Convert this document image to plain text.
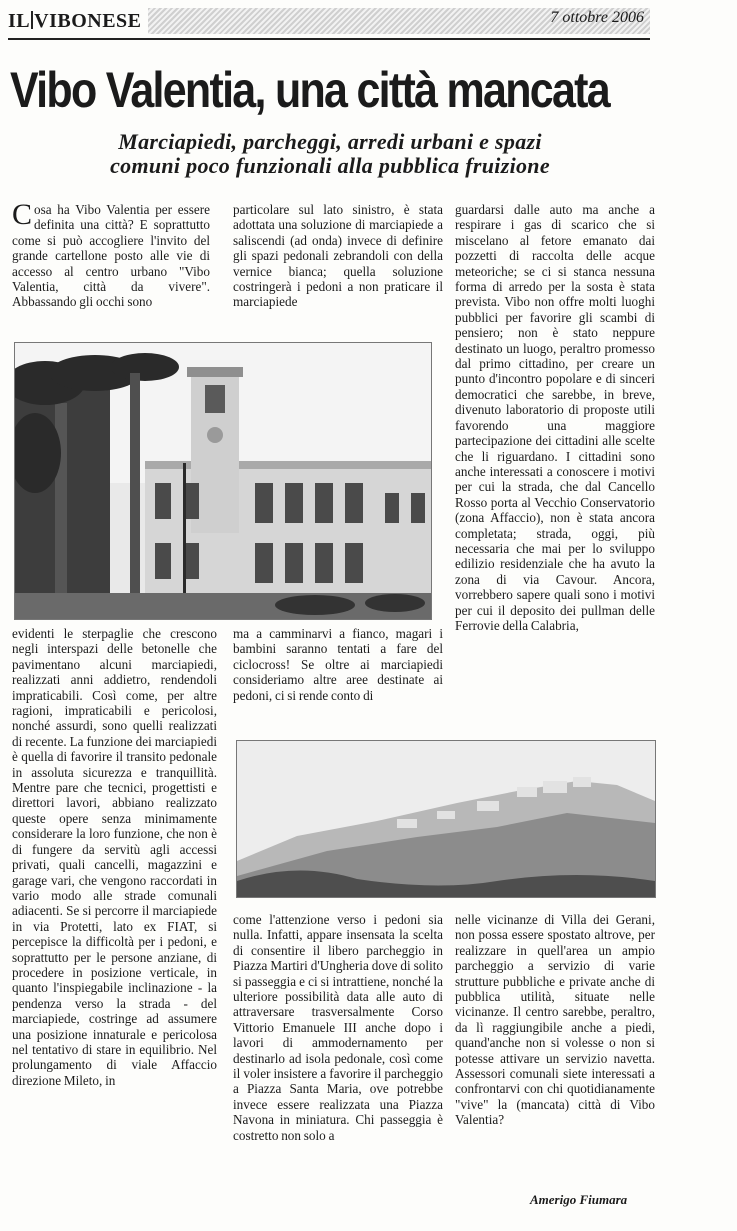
IL VIBONESE	7 ottobre 2006
Vibo Valentia, una città mancata
Marciapiedi, parcheggi, arredi urbani e spazi
comuni poco funzionali alla pubblica fruizione
Cosa ha Vibo Valentia per essere definita una città? E soprattutto come si può accogliere l'invito del grande cartellone posto alle vie di accesso al centro urbano "Vibo Valentia, città da vivere". Abbassando gli occhi sono
particolare sul lato sinistro, è stata adottata una soluzione di marciapiede a saliscendi (ad onda) invece di definire gli spazi pedonali zebrandoli con della vernice bianca; quella soluzione costringerà i pedoni a non praticare il marciapiede
guardarsi dalle auto ma anche a respirare i gas di scarico che si miscelano al fetore emanato dai pozzetti di raccolta delle acque meteoriche; se ci si stanca nessuna forma di arredo per la sosta è stata prevista. Vibo non offre molti luoghi pubblici per favorire gli scambi di pensiero; non è stato neppure destinato un luogo, peraltro promesso dal primo cittadino, per creare un punto d'incontro popolare e di sinceri democratici che sarebbe, in breve, divenuto laboratorio di proposte utili favorendo una maggiore partecipazione dei cittadini alle scelte che li riguardano. I cittadini sono anche interessati a conoscere i motivi per cui la strada, che dal Cancello Rosso porta al Vecchio Conservatorio (zona Affaccio), non è stata ancora completata; strada, oggi, più necessaria che mai per lo sviluppo edilizio residenziale che ha avuto la zona di via Cavour. Ancora, vorrebbero sapere quali sono i motivi per cui il deposito dei pullman delle Ferrovie della Calabria,
evidenti le sterpaglie che crescono negli interspazi delle betonelle che pavimentano alcuni marciapiedi, realizzati anni addietro, rendendoli impraticabili. Così come, per altre ragioni, impraticabili e pericolosi, nonché assurdi, sono quelli realizzati di recente. La funzione dei marciapiedi è quella di favorire il transito pedonale in assoluta sicurezza e tranquillità. Mentre pare che tecnici, progettisti e direttori lavori, abbiano realizzato queste opere senza minimamente considerare la loro funzione, che non è di fungere da servitù agli accessi privati, quali cancelli, magazzini e garage vari, che vengono raccordati in vario modo alle strade comunali adiacenti. Se si percorre il marciapiede in via Protetti, lato ex FIAT, si percepisce la difficoltà per i pedoni, e soprattutto per le persone anziane, di procedere in posizione verticale, in quanto l'inspiegabile inclinazione - la pendenza verso la strada - del marciapiede, costringe ad assumere una posizione innaturale e pericolosa nel tentativo di stare in equilibrio. Nel prolungamento di viale Affaccio direzione Mileto, in
ma a camminarvi a fianco, magari i bambini saranno tentati a fare del ciclocross! Se oltre ai marciapiedi consideriamo altre aree destinate ai pedoni, ci si rende conto di
come l'attenzione verso i pedoni sia nulla. Infatti, appare insensata la scelta di consentire il libero parcheggio in Piazza Martiri d'Ungheria dove di solito si passeggia e ci si intrattiene, nonché la ulteriore possibilità data alle auto di attraversare trasversalmente Corso Vittorio Emanuele III anche dopo i lavori di ammodernamento per destinarlo ad isola pedonale, così come il voler insistere a favorire il parcheggio a Piazza Santa Maria, ove potrebbe invece essere realizzata una Piazza Navona in miniatura. Chi passeggia è costretto non solo a
nelle vicinanze di Villa dei Gerani, non possa essere spostato altrove, per realizzare in quell'area un ampio parcheggio a servizio di varie strutture pubbliche e private anche di pubblica utilità, situate nelle vicinanze. Il centro sarebbe, peraltro, da lì raggiungibile anche a piedi, quand'anche non si volesse o non si potesse attivare un servizio navetta. Assessori comunali siete interessati a confrontarvi con chi quotidianamente "vive" la (mancata) città di Vibo Valentia?
Amerigo Fiumara
